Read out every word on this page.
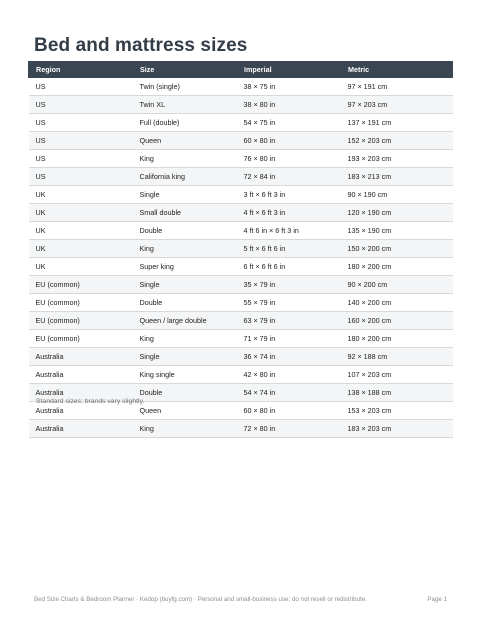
Bed and mattress sizes
Region	Size	Imperial	Metric
US	Twin (single)	38 × 75 in	97 × 191 cm
US	Twin XL	38 × 80 in	97 × 203 cm
US	Full (double)	54 × 75 in	137 × 191 cm
US	Queen	60 × 80 in	152 × 203 cm
US	King	76 × 80 in	193 × 203 cm
US	California king	72 × 84 in	183 × 213 cm
UK	Single	3 ft × 6 ft 3 in	90 × 190 cm
UK	Small double	4 ft × 6 ft 3 in	120 × 190 cm
UK	Double	4 ft 6 in × 6 ft 3 in	135 × 190 cm
UK	King	5 ft × 6 ft 6 in	150 × 200 cm
UK	Super king	6 ft × 6 ft 6 in	180 × 200 cm
EU (common)	Single	35 × 79 in	90 × 200 cm
EU (common)	Double	55 × 79 in	140 × 200 cm
EU (common)	Queen / large double	63 × 79 in	160 × 200 cm
EU (common)	King	71 × 79 in	180 × 200 cm
Australia	Single	36 × 74 in	92 × 188 cm
Australia	King single	42 × 80 in	107 × 203 cm
Australia	Double	54 × 74 in	138 × 188 cm
Australia	Queen	60 × 80 in	153 × 203 cm
Australia	King	72 × 80 in	183 × 203 cm
Standard sizes; brands vary slightly.
Bed Size Charts & Bedroom Planner · Kedop (buyfg.com) · Personal and small-business use; do not resell or redistribute.	Page 1
